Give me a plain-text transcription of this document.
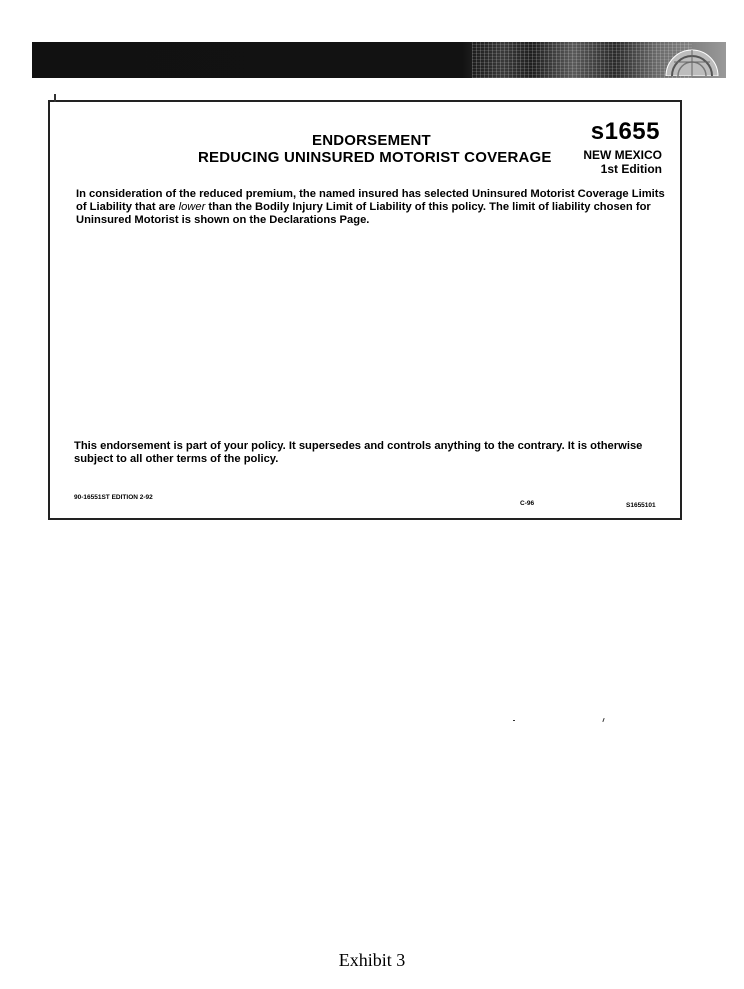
ENDORSEMENT
REDUCING UNINSURED MOTORIST COVERAGE
s1655
NEW MEXICO
1st Edition

In consideration of the reduced premium, the named insured has selected Uninsured Motorist Coverage Limits of Liability that are lower than the Bodily Injury Limit of Liability of this policy. The limit of liability chosen for Uninsured Motorist is shown on the Declarations Page.

This endorsement is part of your policy. It supersedes and controls anything to the contrary. It is otherwise subject to all other terms of the policy.

90-16551ST EDITION 2-92
C-96	S1655101
Exhibit 3
